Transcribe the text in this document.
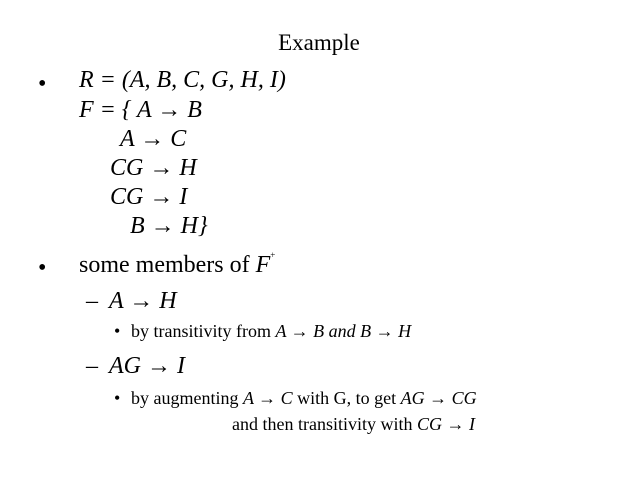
Example
• R = (A, B, C, G, H, I)
F = { A → B
A → C
CG → H
CG → I
B → H}
• some members of F+
– A → H
• by transitivity from A → B and B → H
– AG → I
• by augmenting A → C with G, to get AG → CG
and then transitivity with CG → I
